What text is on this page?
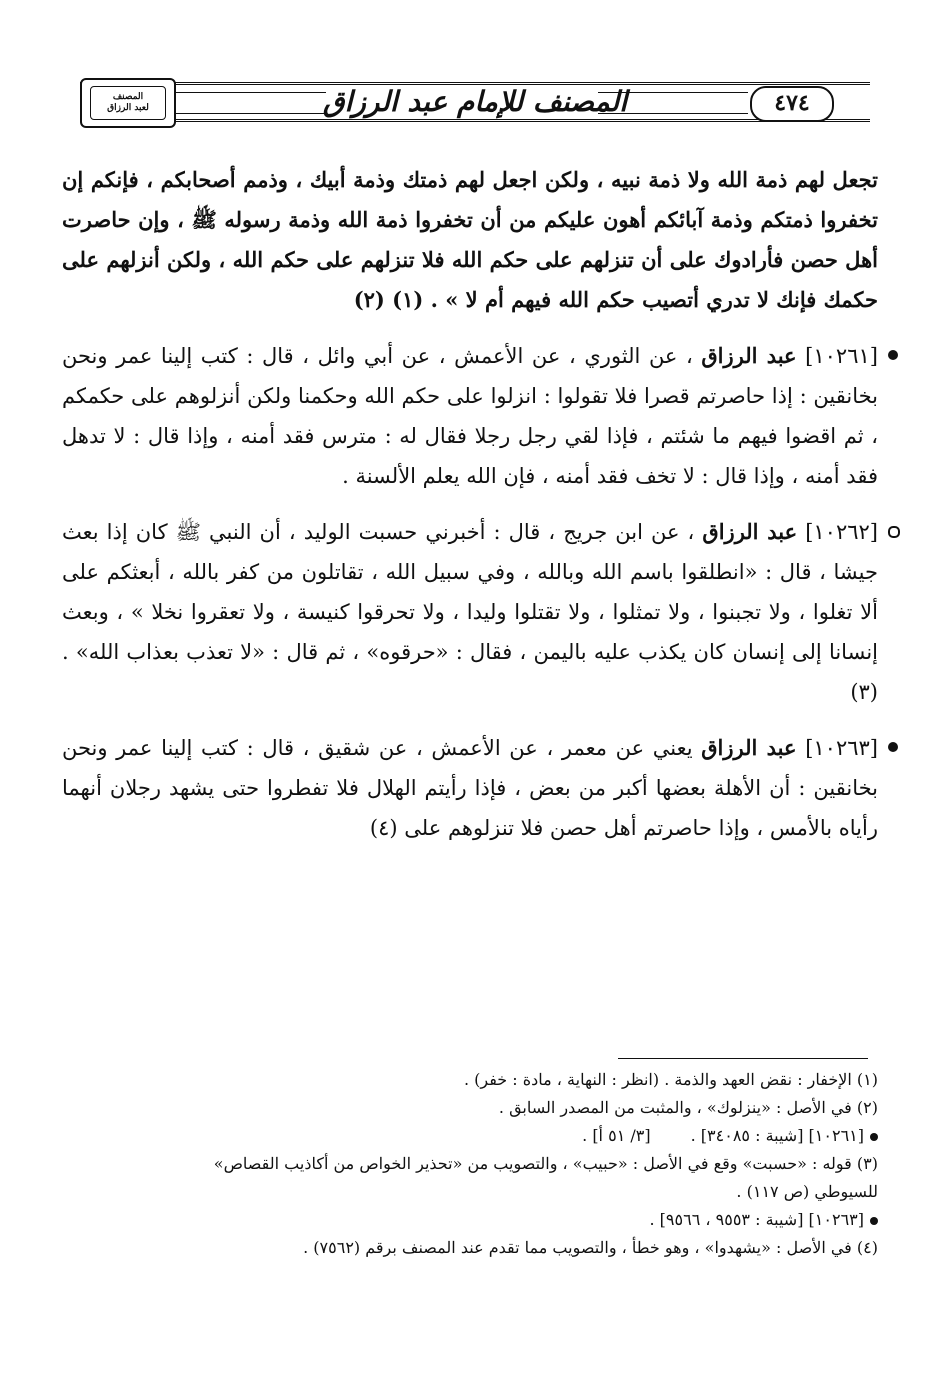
٤٧٤
المصنف للإمام عبد الرزاق
المصنف
لعبد الرزاق

تجعل لهم ذمة الله ولا ذمة نبيه ، ولكن اجعل لهم ذمتك وذمة أبيك ، وذمم أصحابكم ، فإنكم إن تخفروا ذمتكم وذمة آبائكم أهون عليكم من أن تخفروا ذمة الله وذمة رسوله ﷺ ، وإن حاصرت أهل حصن فأرادوك على أن تنزلهم على حكم الله فلا تنزلهم على حكم الله ، ولكن أنزلهم على حكمك فإنك لا تدري أتصيب حكم الله فيهم أم لا » . (١) (٢)

[١٠٢٦١] عبد الرزاق ، عن الثوري ، عن الأعمش ، عن أبي وائل ، قال : كتب إلينا عمر ونحن بخانقين : إذا حاصرتم قصرا فلا تقولوا : انزلوا على حكم الله وحكمنا ولكن أنزلوهم على حكمكم ، ثم اقضوا فيهم ما شئتم ، فإذا لقي رجل رجلا فقال له : مترس فقد أمنه ، وإذا قال : لا تدهل فقد أمنه ، وإذا قال : لا تخف فقد أمنه ، فإن الله يعلم الألسنة .

[١٠٢٦٢] عبد الرزاق ، عن ابن جريج ، قال : أخبرني حسبت الوليد ، أن النبي ﷺ كان إذا بعث جيشا ، قال : «انطلقوا باسم الله وبالله ، وفي سبيل الله ، تقاتلون من كفر بالله ، أبعثكم على ألا تغلوا ، ولا تجبنوا ، ولا تمثلوا ، ولا تقتلوا وليدا ، ولا تحرقوا كنيسة ، ولا تعقروا نخلا » ، وبعث إنسانا إلى إنسان كان يكذب عليه باليمن ، فقال : «حرقوه» ، ثم قال : «لا تعذب بعذاب الله» . (٣)

[١٠٢٦٣] عبد الرزاق يعني عن معمر ، عن الأعمش ، عن شقيق ، قال : كتب إلينا عمر ونحن بخانقين : أن الأهلة بعضها أكبر من بعض ، فإذا رأيتم الهلال فلا تفطروا حتى يشهد رجلان أنهما رأياه بالأمس ، وإذا حاصرتم أهل حصن فلا تنزلوهم على (٤)

(١) الإخفار : نقض العهد والذمة . (انظر : النهاية ، مادة : خفر) .

(٢) في الأصل : «ينزلوك» ، والمثبت من المصدر السابق .

[١٠٢٦١] [شيبة : ٣٤٠٨٥] .
[٣/ ٥١ أ] .

(٣) قوله : «حسبت» وقع في الأصل : «حبيب» ، والتصويب من «تحذير الخواص من أكاذيب القصاص»

للسيوطي (ص ١١٧) .

[١٠٢٦٣] [شيبة : ٩٥٥٣ ، ٩٥٦٦] .

(٤) في الأصل : «يشهدوا» ، وهو خطأ ، والتصويب مما تقدم عند المصنف برقم (٧٥٦٢) .
